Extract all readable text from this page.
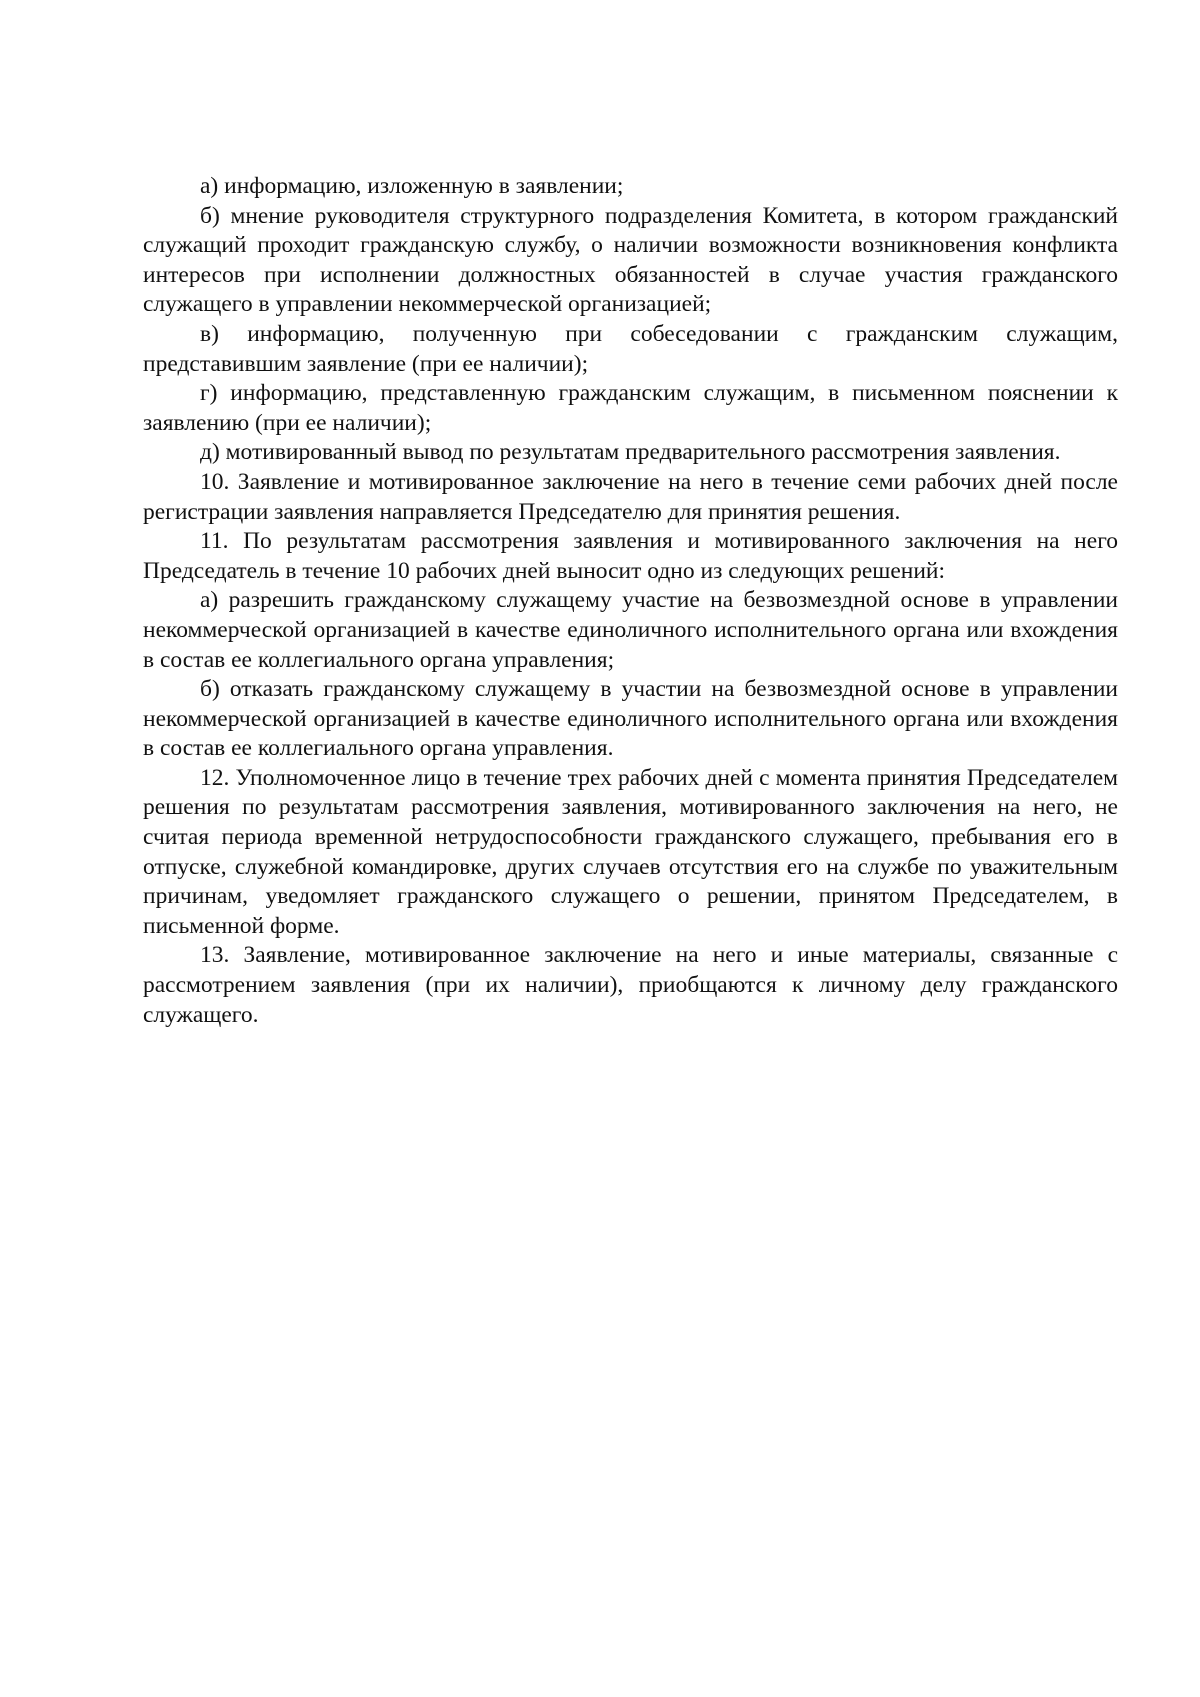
а) информацию, изложенную в заявлении;

б) мнение руководителя структурного подразделения Комитета, в котором гражданский служащий проходит гражданскую службу, о наличии возможности возникновения конфликта интересов при исполнении должностных обязанностей в случае участия гражданского служащего в управлении некоммерческой организацией;

в) информацию, полученную при собеседовании с гражданским служащим, представившим заявление (при ее наличии);

г) информацию, представленную гражданским служащим, в письменном пояснении к заявлению (при ее наличии);

д) мотивированный вывод по результатам предварительного рассмотрения заявления.

10. Заявление и мотивированное заключение на него в течение семи рабочих дней после регистрации заявления направляется Председателю для принятия решения.

11. По результатам рассмотрения заявления и мотивированного заключения на него Председатель в течение 10 рабочих дней выносит одно из следующих решений:

а) разрешить гражданскому служащему участие на безвозмездной основе в управлении некоммерческой организацией в качестве единоличного исполнительного органа или вхождения в состав ее коллегиального органа управления;

б) отказать гражданскому служащему в участии на безвозмездной основе в управлении некоммерческой организацией в качестве единоличного исполнительного органа или вхождения в состав ее коллегиального органа управления.

12. Уполномоченное лицо в течение трех рабочих дней с момента принятия Председателем решения по результатам рассмотрения заявления, мотивированного заключения на него, не считая периода временной нетрудоспособности гражданского служащего, пребывания его в отпуске, служебной командировке, других случаев отсутствия его на службе по уважительным причинам, уведомляет гражданского служащего о решении, принятом Председателем, в письменной форме.

13. Заявление, мотивированное заключение на него и иные материалы, связанные с рассмотрением заявления (при их наличии), приобщаются к личному делу гражданского служащего.
